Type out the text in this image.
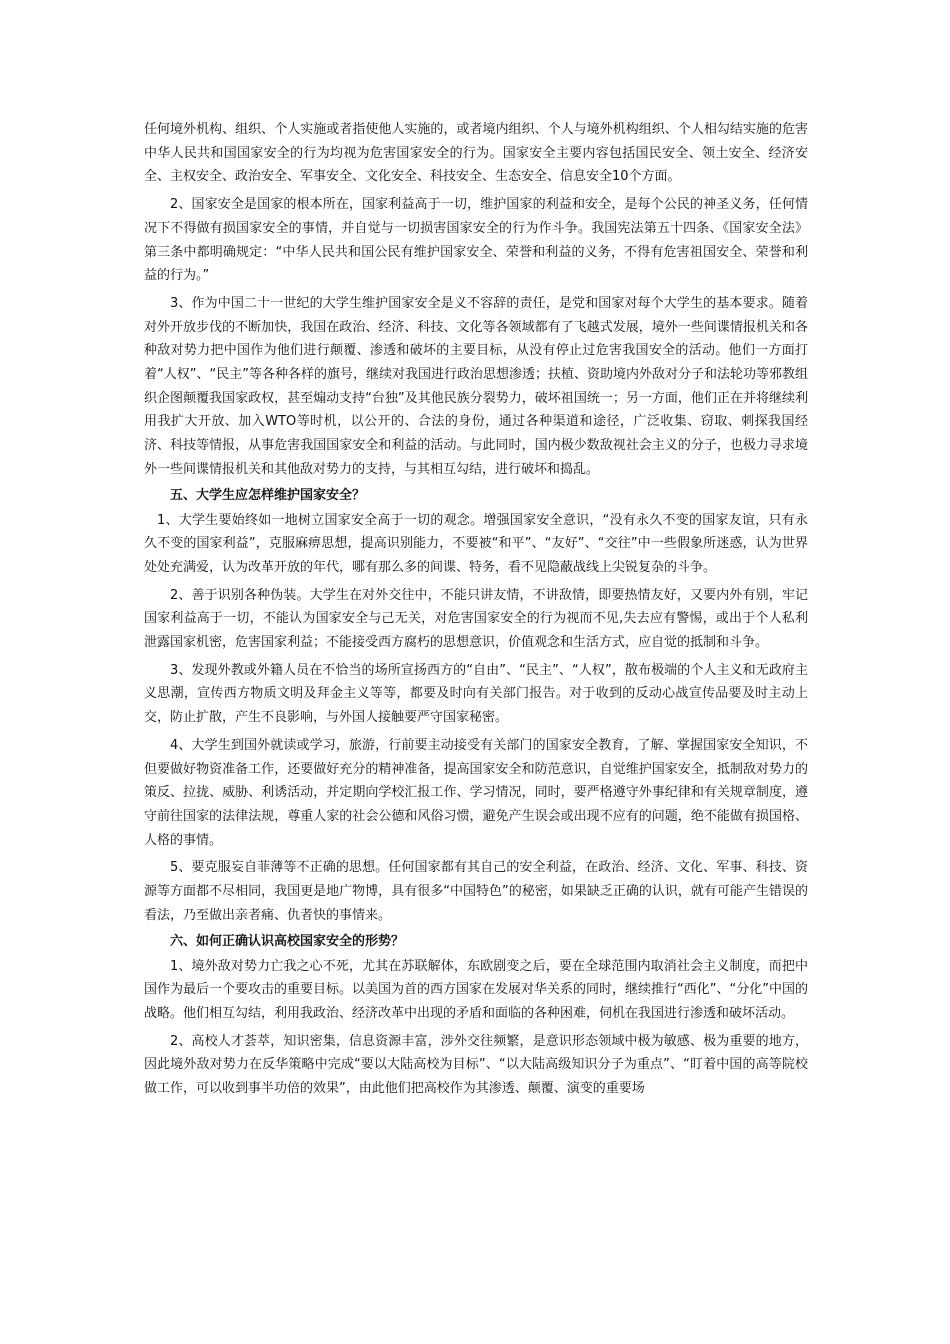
任何境外机构、组织、个人实施或者指使他人实施的，或者境内组织、个人与境外机构组织、个人相勾结实施的危害中华人民共和国国家安全的行为均视为危害国家安全的行为。国家安全主要内容包括国民安全、领土安全、经济安全、主权安全、政治安全、军事安全、文化安全、科技安全、生态安全、信息安全10个方面。

2、国家安全是国家的根本所在，国家利益高于一切，维护国家的利益和安全，是每个公民的神圣义务，任何情况下不得做有损国家安全的事情，并自觉与一切损害国家安全的行为作斗争。我国宪法第五十四条、《国家安全法》第三条中都明确规定：“中华人民共和国公民有维护国家安全、荣誉和利益的义务，不得有危害祖国安全、荣誉和利益的行为。”

3、作为中国二十一世纪的大学生维护国家安全是义不容辞的责任，是党和国家对每个大学生的基本要求。随着对外开放步伐的不断加快，我国在政治、经济、科技、文化等各领域都有了飞越式发展，境外一些间谍情报机关和各种敌对势力把中国作为他们进行颠覆、渗透和破坏的主要目标，从没有停止过危害我国安全的活动。他们一方面打着“人权”、“民主”等各种各样的旗号，继续对我国进行政治思想渗透；扶植、资助境内外敌对分子和法轮功等邪教组织企图颠覆我国家政权，甚至煽动支持“台独”及其他民族分裂势力，破坏祖国统一；另一方面，他们正在并将继续利用我扩大开放、加入WTO等时机，以公开的、合法的身份，通过各种渠道和途径，广泛收集、窃取、刺探我国经济、科技等情报，从事危害我国国家安全和利益的活动。与此同时，国内极少数敌视社会主义的分子，也极力寻求境外一些间谍情报机关和其他敌对势力的支持，与其相互勾结，进行破坏和捣乱。

五、大学生应怎样维护国家安全？

1、大学生要始终如一地树立国家安全高于一切的观念。增强国家安全意识，“没有永久不变的国家友谊，只有永久不变的国家利益”，克服麻痹思想，提高识别能力，不要被“和平”、“友好”、“交往”中一些假象所迷惑，认为世界处处充满爱，认为改革开放的年代，哪有那么多的间谍、特务，看不见隐蔽战线上尖锐复杂的斗争。

2、善于识别各种伪装。大学生在对外交往中，不能只讲友情，不讲敌情，即要热情友好，又要内外有别，牢记国家利益高于一切，不能认为国家安全与己无关，对危害国家安全的行为视而不见,失去应有警惕，或出于个人私利泄露国家机密，危害国家利益；不能接受西方腐朽的思想意识，价值观念和生活方式，应自觉的抵制和斗争。

3、发现外教或外籍人员在不恰当的场所宣扬西方的“自由”、“民主”、“人权”，散布极端的个人主义和无政府主义思潮，宣传西方物质文明及拜金主义等等，都要及时向有关部门报告。对于收到的反动心战宣传品要及时主动上交，防止扩散，产生不良影响，与外国人接触要严守国家秘密。

4、大学生到国外就读或学习，旅游，行前要主动接受有关部门的国家安全教育，了解、掌握国家安全知识，不但要做好物资准备工作，还要做好充分的精神准备，提高国家安全和防范意识，自觉维护国家安全，抵制敌对势力的策反、拉拢、威胁、利诱活动，并定期向学校汇报工作、学习情况，同时，要严格遵守外事纪律和有关规章制度，遵守前往国家的法律法规，尊重人家的社会公德和风俗习惯，避免产生误会或出现不应有的问题，绝不能做有损国格、人格的事情。

5、要克服妄自菲薄等不正确的思想。任何国家都有其自己的安全利益，在政治、经济、文化、军事、科技、资源等方面都不尽相同，我国更是地广物博，具有很多“中国特色”的秘密，如果缺乏正确的认识，就有可能产生错误的看法，乃至做出亲者痛、仇者快的事情来。

六、如何正确认识高校国家安全的形势？

1、境外敌对势力亡我之心不死，尤其在苏联解体，东欧剧变之后，要在全球范围内取消社会主义制度，而把中国作为最后一个要攻击的重要目标。以美国为首的西方国家在发展对华关系的同时，继续推行“西化”、“分化”中国的战略。他们相互勾结，利用我政治、经济改革中出现的矛盾和面临的各种困难，伺机在我国进行渗透和破坏活动。

2、高校人才荟萃，知识密集，信息资源丰富，涉外交往频繁，是意识形态领域中极为敏感、极为重要的地方，因此境外敌对势力在反华策略中完成“要以大陆高校为目标”、“以大陆高级知识分子为重点”、“盯着中国的高等院校做工作，可以收到事半功倍的效果”，由此他们把高校作为其渗透、颠覆、演变的重要场
